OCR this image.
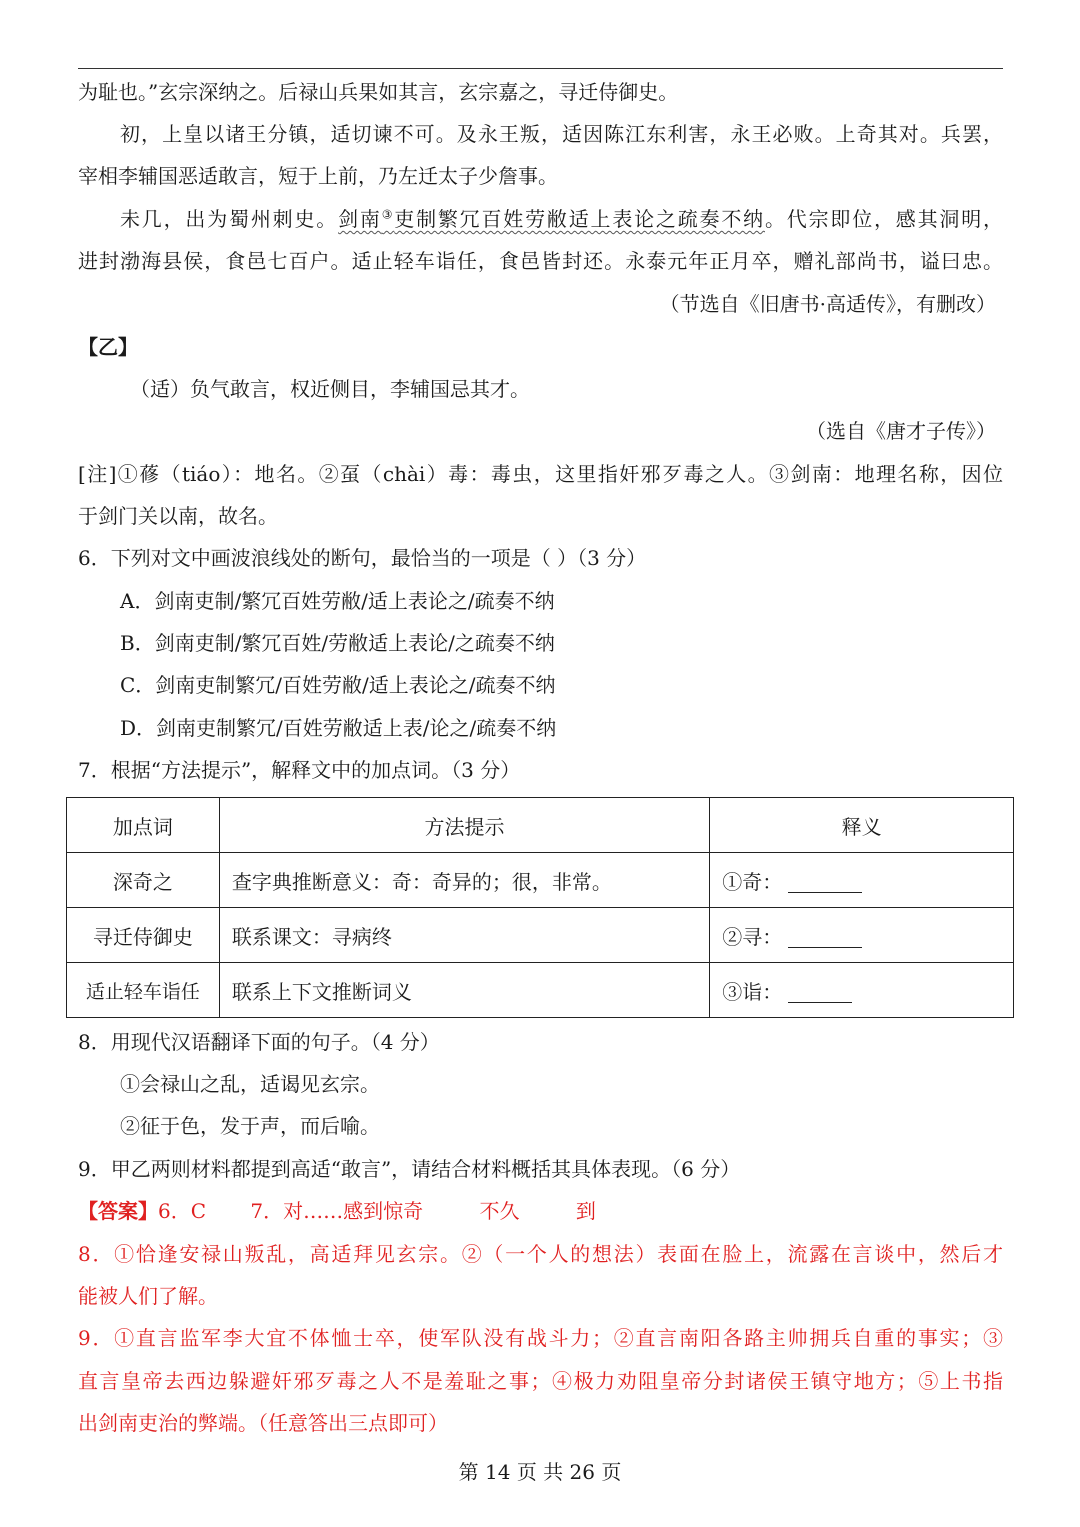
为耻也。”玄宗深纳之。后禄山兵果如其言，玄宗嘉之，寻迁侍御史。
初，上皇以诸王分镇，适切谏不可。及永王叛，适因陈江东利害，永王必败。上奇其对。兵罢，
宰相李辅国恶适敢言，短于上前，乃左迁太子少詹事。
未几，出为蜀州刺史。剑南③吏制繁冗百姓劳敝适上表论之疏奏不纳。代宗即位，感其洞明，
进封渤海县侯，食邑七百户。适止轻车诣任，食邑皆封还。永泰元年正月卒，赠礼部尚书，谥曰忠。
（节选自《旧唐书·高适传》，有删改）
【乙】
（适）负气敢言，权近侧目，李辅国忌其才。
（选自《唐才子传》）
[注]①蓚（tiáo）：地名。②虿（chài）毒：毒虫，这里指奸邪歹毒之人。③剑南：地理名称，因位
于剑门关以南，故名。
6．下列对文中画波浪线处的断句，最恰当的一项是（ ）（3 分）
A．剑南吏制/繁冗百姓劳敝/适上表论之/疏奏不纳
B．剑南吏制/繁冗百姓/劳敝适上表论/之疏奏不纳
C．剑南吏制繁冗/百姓劳敝/适上表论之/疏奏不纳
D．剑南吏制繁冗/百姓劳敝适上表/论之/疏奏不纳
7．根据“方法提示”，解释文中的加点词。（3 分）
加点词	方法提示	释义
深奇之	查字典推断意义：奇：奇异的；很，非常。	①奇：
寻迁侍御史	联系课文：寻病终	②寻：
适止轻车诣任	联系上下文推断词义	③诣：
8．用现代汉语翻译下面的句子。（4 分）
①会禄山之乱，适谒见玄宗。
②征于色，发于声，而后喻。
9．甲乙两则材料都提到高适“敢言”，请结合材料概括其具体表现。（6 分）
【答案】6．C 7．对……感到惊奇	不久	到
8．①恰逢安禄山叛乱，高适拜见玄宗。②（一个人的想法）表面在脸上，流露在言谈中，然后才
能被人们了解。
9．①直言监军李大宜不体恤士卒，使军队没有战斗力；②直言南阳各路主帅拥兵自重的事实；③
直言皇帝去西边躲避奸邪歹毒之人不是羞耻之事；④极力劝阻皇帝分封诸侯王镇守地方；⑤上书指
出剑南吏治的弊端。（任意答出三点即可）
第 14 页 共 26 页
